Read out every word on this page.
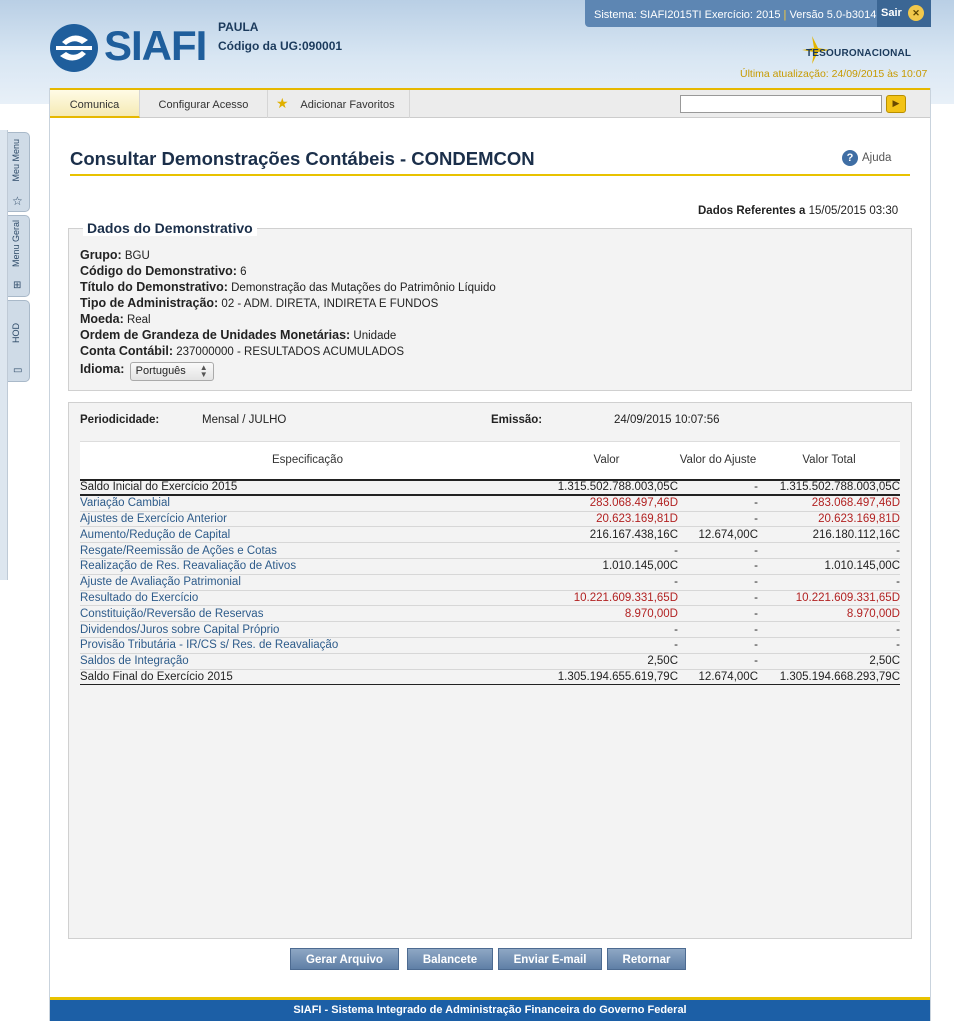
SIAFI PAULA
Código da UG:090001
Sistema: SIAFI2015TI Exercício: 2015 | Versão 5.0-b3014 Sair	✕
TESOURONACIONAL
Última atualização: 24/09/2015 às 10:07
Meu Menu
☆
Menu Geral
⊞
HOD
▭
Comunica	Configurar Acesso	★ Adicionar Favoritos	▶
Consultar Demonstrações Contábeis - CONDEMCON	? Ajuda
Dados Referentes a 15/05/2015 03:30
Dados do Demonstrativo
Grupo: BGU
Código do Demonstrativo: 6
Título do Demonstrativo: Demonstração das Mutações do Patrimônio Líquido
Tipo de Administração: 02 - ADM. DIRETA, INDIRETA E FUNDOS
Moeda: Real
Ordem de Grandeza de Unidades Monetárias: Unidade
Conta Contábil: 237000000 - RESULTADOS ACUMULADOS
Idioma: Português ▲
▼
Periodicidade:	Mensal / JULHO	Emissão:	24/09/2015 10:07:56
Especificação	Valor	Valor do Ajuste	Valor Total
Saldo Inicial do Exercício 2015	1.315.502.788.003,05C	-	1.315.502.788.003,05C
Variação Cambial	283.068.497,46D	-	283.068.497,46D
Ajustes de Exercício Anterior	20.623.169,81D	-	20.623.169,81D
Aumento/Redução de Capital	216.167.438,16C	12.674,00C	216.180.112,16C
Resgate/Reemissão de Ações e Cotas	-	-	-
Realização de Res. Reavaliação de Ativos	1.010.145,00C	-	1.010.145,00C
Ajuste de Avaliação Patrimonial	-	-	-
Resultado do Exercício	10.221.609.331,65D	-	10.221.609.331,65D
Constituição/Reversão de Reservas	8.970,00D	-	8.970,00D
Dividendos/Juros sobre Capital Próprio	-	-	-
Provisão Tributária - IR/CS s/ Res. de Reavaliação	-	-	-
Saldos de Integração	2,50C	-	2,50C
Saldo Final do Exercício 2015	1.305.194.655.619,79C	12.674,00C	1.305.194.668.293,79C
Gerar Arquivo	Balancete	Enviar E-mail	Retornar
SIAFI - Sistema Integrado de Administração Financeira do Governo Federal
